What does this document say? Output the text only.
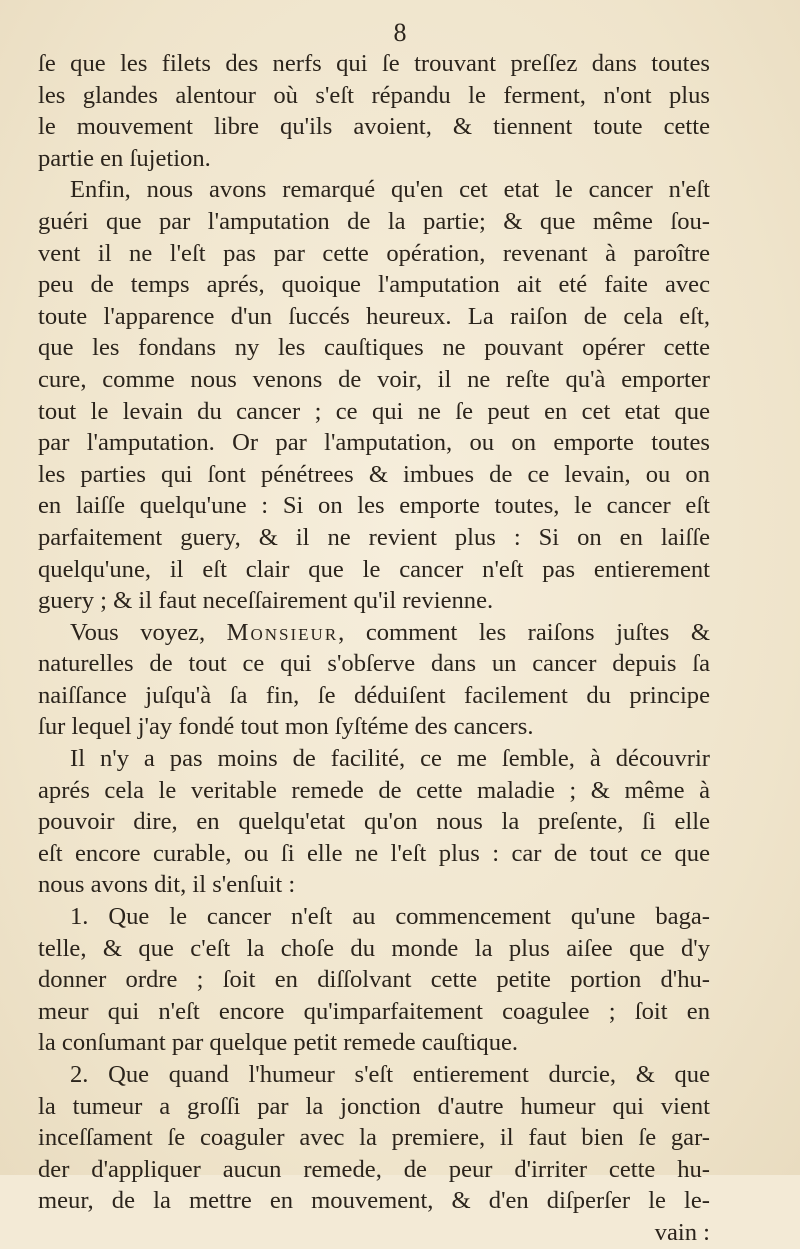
8
ſe que les filets des nerfs qui ſe trouvant preſſez dans toutes
les glandes alentour où s'eſt répandu le ferment, n'ont plus
le mouvement libre qu'ils avoient, & tiennent toute cette
partie en ſujetion.
Enfin, nous avons remarqué qu'en cet etat le cancer n'eſt
guéri que par l'amputation de la partie; & que même ſou-
vent il ne l'eſt pas par cette opération, revenant à paroître
peu de temps aprés, quoique l'amputation ait eté faite avec
toute l'apparence d'un ſuccés heureux. La raiſon de cela eſt,
que les fondans ny les cauſtiques ne pouvant opérer cette
cure, comme nous venons de voir, il ne reſte qu'à emporter
tout le levain du cancer ; ce qui ne ſe peut en cet etat que
par l'amputation. Or par l'amputation, ou on emporte toutes
les parties qui ſont pénétrees & imbues de ce levain, ou on
en laiſſe quelqu'une : Si on les emporte toutes, le cancer eſt
parfaitement guery, & il ne revient plus : Si on en laiſſe
quelqu'une, il eſt clair que le cancer n'eſt pas entierement
guery ; & il faut neceſſairement qu'il revienne.
Vous voyez, Monsieur, comment les raiſons juſtes &
naturelles de tout ce qui s'obſerve dans un cancer depuis ſa
naiſſance juſqu'à ſa fin, ſe déduiſent facilement du principe
ſur lequel j'ay fondé tout mon ſyſtéme des cancers.
Il n'y a pas moins de facilité, ce me ſemble, à découvrir
aprés cela le veritable remede de cette maladie ; & même à
pouvoir dire, en quelqu'etat qu'on nous la preſente, ſi elle
eſt encore curable, ou ſi elle ne l'eſt plus : car de tout ce que
nous avons dit, il s'enſuit :
1. Que le cancer n'eſt au commencement qu'une baga-
telle, & que c'eſt la choſe du monde la plus aiſee que d'y
donner ordre ; ſoit en diſſolvant cette petite portion d'hu-
meur qui n'eſt encore qu'imparfaitement coagulee ; ſoit en
la conſumant par quelque petit remede cauſtique.
2. Que quand l'humeur s'eſt entierement durcie, & que
la tumeur a groſſi par la jonction d'autre humeur qui vient
inceſſament ſe coaguler avec la premiere, il faut bien ſe gar-
der d'appliquer aucun remede, de peur d'irriter cette hu-
meur, de la mettre en mouvement, & d'en diſperſer le le-
vain :
